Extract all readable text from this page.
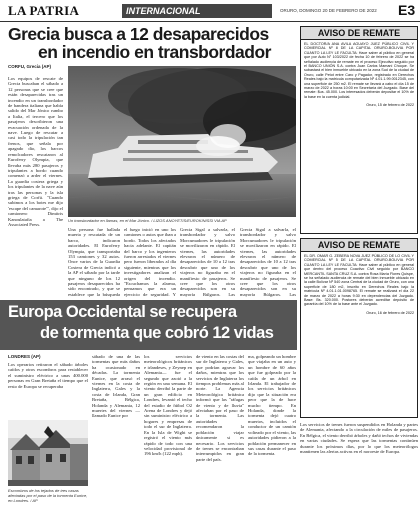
LA PATRIA	INTERNACIONAL	ORURO, DOMINGO 20 DE FEBRERO DE 2022 E3
Grecia busca a 12 desaparecidos
en incendio en transbordador
CORFU, Grecia (AP)
Los equipos de rescate de Grecia buscaban el sábado a 12 personas que se cree que están desaparecidas tras un incendio en un transbordador de bandera italiana que había salido del Mar Jónico rumbo a Italia, el tercero que los pasajeros describieron una evacuación ordenada de la nave. Luego de rescatar a casi todo la tripulación tan frenos, que señala por apagado dio, los barcos remolcadores rescataron al Euroferry Olympia, que llevaba más 280 pasajeros y tripulantes a bordo cuando comenzó a arder el viernes. La guardia costera griega y los tripulantes de la nave aún tras las personas y la isla griega de Corfú. "Cuando subimos a los botes me dijo 'escape del camarote'", dijo el camionero Dimitris Kanoulatafia a The Associated Press.
Un transbordador en llamas, en el Mar Jónico. / LIZOS ANOYETIS/EUROKINISSI VIA AP
Una persona fue hallada muerta y rescatada de un barco, indicaron autoridades. El Euroferry Olympia, que transportaba 153 camiones y 32 autos. Once varios de la Guardia Costera de Grecia indicó a la AP el sábado por la tarde que ninguno de los 12 pasajeros desaparecidos ha sido encontrado, y que se establece que la búsqueda
el fuego inició en uno los camiones o autos que iban a bordo. Todos los afectados hacia adelante. El capitán del barco y los ingenieros fueron arrestados el viernes pero fueron liberados al día siguiente, mientras que los investigadores analizan el origen del incendio. "Escuchamos la alarma, pensamos que era un ejercicio de seguridad. Y
Grecia Sigal a salvarla, el transbordador y salvo Morcumadores le tripulación se movilizaron en rápido. El viernes, las autoridades elevaron el número de desaparecidos de 10 a 12 tras descubrir que uno de los viajeros no figuraba en el manifiesto de pasajeros. Se cree que los otros desaparecidos son en su mayoría Búlgaros. Las
Grecia Sigal a salvarla, el transbordador y salvo Morcumadores le tripulación se movilizaron en rápido. El viernes, las autoridades elevaron el número de desaparecidos de 10 a 12 tras descubrir que uno de los viajeros no figuraba en el manifiesto de pasajeros. Se cree que los otros desaparecidos son en su mayoría Búlgaros. Las
Europa Occidental se recupera
de tormenta que cobró 12 vidas
LONDRES (AP)
Los operarios retiraron el sábado árboles caídos y otros escombros para restablecer el suministro eléctrico a unas 400.000 personas en Gran Bretaña el tiempo que el resto de Europa se recuperaba
Escombros de los tejados de tres casas afectadas por el paso de la tormenta Eunice, en Londres. / AP
sábado de una de las tormentas que más daños ha ocasionado en décadas. La tormenta Eunice, que arrasó el viernes en la costa de Inglaterra, Gales y la costa de Irlanda, Gran Bretaña, Bélgica, Holanda y Alemania, 12 muertes del viernes —llamado Eunice por
los servicios meteorológicos británicos e irlandeses, y Zeynep en Alemania— fue el segundo que azotó a la región en una semana. El viento derribó la parte de un gran edificio en Londres, levantó el techo del estadio de fútbol O2 Arena de Londres y dejó sin suministro eléctrico a hogares y empresas de todo el sur de Inglaterra. En la Isla de Wight se registró el viento más rápido de todo con una velocidad provisional de 196 km/h (122 mph).
de viento en las costas del sur de Inglaterra y Gales, que podrían agravar los daños, mientras que los servicios de Inglaterra los tiempos problemas más al norte. La Agencia Meteorológica británica informó que las "ráfagas de viento y de lluvia" afectaban por el paso de la tormenta. Las autoridades recomendaron la población viajar únicamente si es necesario. Los servicios de trenes se encontraban interrumpidos en gran parte del país.
ma, golpeando un hombre que viajaba en un auto y un hombre de 60 años que fue golpeado por la caída de un árbol en Irlanda. El trabajador de los servicios británicos dijo que la situación era peor que la de hace mucho tiempo. En Holanda, donde la tormenta dejó cuatro muertos, incluidos el conductor de un camión volteado por el viento, las autoridades pidieron a la población permanecer en sus casas durante el paso de la tormenta.
AVISO DE REMATE
EL DOCTOR/A ANA AVILA AGUAYO JUEZ PÚBLICO CIVIL Y COMERCIAL Nº 8 DE LA CAPITAL ORURO-BOLIVIA POR CUANTO LA LEY LE FACULTA: Hace saber al público en general que por Auto N° 103/2022 de fecha 10 de febrero de 2022 se ha señalado audiencia de remate en el proceso Ejecutivo seguido por el BANCO UNIÓN S.A. contra Juan Carlos Mamani Choque. Se subastará el bien inmueble ubicado en la zona Sud de la ciudad de Oruro, calle Petot entre Caro y Pagador, registrado en Derechos Reales bajo la matrícula computarizada Nº 4.01.1.99.0012345, con una superficie de 250 m2. El remate se llevará a cabo el día 15 de marzo de 2022 a horas 10:00 en Secretaría del Juzgado. Base del remate: $us. 45.000. Los interesados deberán depositar el 10% de la base en la cuenta judicial.
Oruro, 15 de febrero de 2022
AVISO DE REMATE
EL DR. OMAR G. ZEBERA NOVA JUEZ PÚBLICO DE LO CIVIL Y COMERCIAL Nº 5 DE LA CAPITAL ORURO-BOLIVIA POR CUANTO LA LEY LE FACULTA: Hace saber al público en general que dentro del proceso Coactivo Civil seguido por BANCO MERCANTIL SANTA CRUZ S.A. contra Rosa María Flores Quispe, se ha señalado audiencia de remate del bien inmueble ubicado en la calle Bolívar Nº 540 zona Central de la ciudad de Oruro, con una superficie de 180 m2, inscrito en Derechos Reales bajo la matrícula Nº 4.01.1.01.0098765. El remate se realizará el día 22 de marzo de 2022 a horas 9:30 en dependencias del Juzgado. Base: Bs. 320.000. Postores deberán acreditar depósito de garantía del 10% de la base ante el Juzgado.
Oruro, 16 de febrero de 2022
Los servicios de trenes fueron suspendidos en Holanda y partes de Alemania, afectando a la circulación de miles de pasajeros. En Bélgica, el viento derribó árboles y dañó techos de viviendas en varias ciudades. Se espera que las tormentas continúen durante los próximos días, por lo que los meteorólogos mantienen las alertas activas en el noroeste de Europa.
